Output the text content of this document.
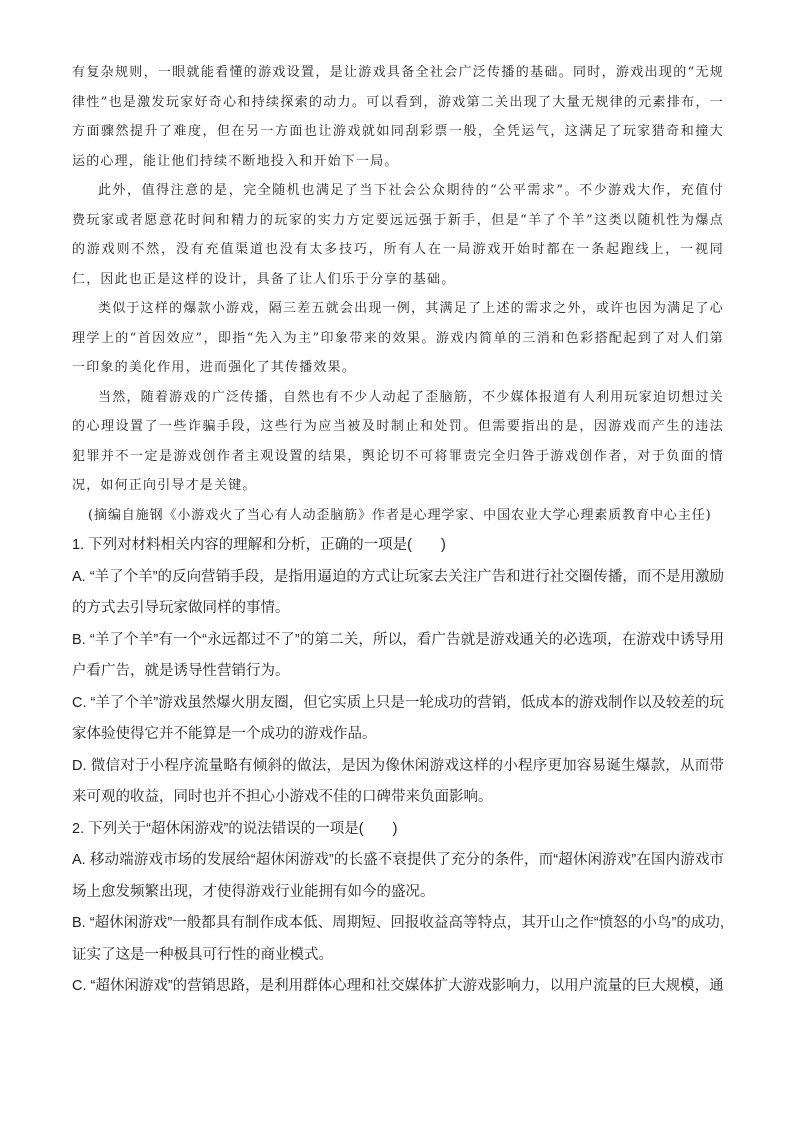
有复杂规则，一眼就能看懂的游戏设置，是让游戏具备全社会广泛传播的基础。同时，游戏出现的“无规律性”也是激发玩家好奇心和持续探索的动力。可以看到，游戏第二关出现了大量无规律的元素排布，一方面骤然提升了难度，但在另一方面也让游戏就如同刮彩票一般，全凭运气，这满足了玩家猎奇和撞大运的心理，能让他们持续不断地投入和开始下一局。

此外，值得注意的是，完全随机也满足了当下社会公众期待的“公平需求”。不少游戏大作，充值付费玩家或者愿意花时间和精力的玩家的实力方定要远远强于新手，但是“羊了个羊”这类以随机性为爆点的游戏则不然，没有充值渠道也没有太多技巧，所有人在一局游戏开始时都在一条起跑线上，一视同仁，因此也正是这样的设计，具备了让人们乐于分享的基础。

类似于这样的爆款小游戏，隔三差五就会出现一例，其满足了上述的需求之外，或许也因为满足了心理学上的“首因效应”，即指“先入为主”印象带来的效果。游戏内简单的三消和色彩搭配起到了对人们第一印象的美化作用，进而强化了其传播效果。

当然，随着游戏的广泛传播，自然也有不少人动起了歪脑筋，不少媒体报道有人利用玩家迫切想过关的心理设置了一些诈骗手段，这些行为应当被及时制止和处罚。但需要指出的是，因游戏而产生的违法犯罪并不一定是游戏创作者主观设置的结果，舆论切不可将罪责完全归咎于游戏创作者，对于负面的情况，如何正向引导才是关键。

(摘编自施钢《小游戏火了当心有人动歪脑筋》作者是心理学家、中国农业大学心理素质教育中心主任)

1. 下列对材料相关内容的理解和分析，正确的一项是(　　)

A. “羊了个羊”的反向营销手段，是指用逼迫的方式让玩家去关注广告和进行社交圈传播，而不是用激励的方式去引导玩家做同样的事情。

B. “羊了个羊”有一个“永远都过不了”的第二关，所以，看广告就是游戏通关的必选项，在游戏中诱导用户看广告，就是诱导性营销行为。

C. “羊了个羊”游戏虽然爆火朋友圈，但它实质上只是一轮成功的营销，低成本的游戏制作以及较差的玩家体验使得它并不能算是一个成功的游戏作品。

D. 微信对于小程序流量略有倾斜的做法，是因为像休闲游戏这样的小程序更加容易诞生爆款，从而带来可观的收益，同时也并不担心小游戏不佳的口碑带来负面影响。

2. 下列关于“超休闲游戏”的说法错误的一项是(　　)

A. 移动端游戏市场的发展给“超休闲游戏”的长盛不衰提供了充分的条件，而“超休闲游戏”在国内游戏市场上愈发频繁出现，才使得游戏行业能拥有如今的盛况。

B. “超休闲游戏”一般都具有制作成本低、周期短、回报收益高等特点，其开山之作“愤怒的小鸟”的成功,证实了这是一种极具可行性的商业模式。

C. “超休闲游戏”的营销思路，是利用群体心理和社交媒体扩大游戏影响力，以用户流量的巨大规模，通
